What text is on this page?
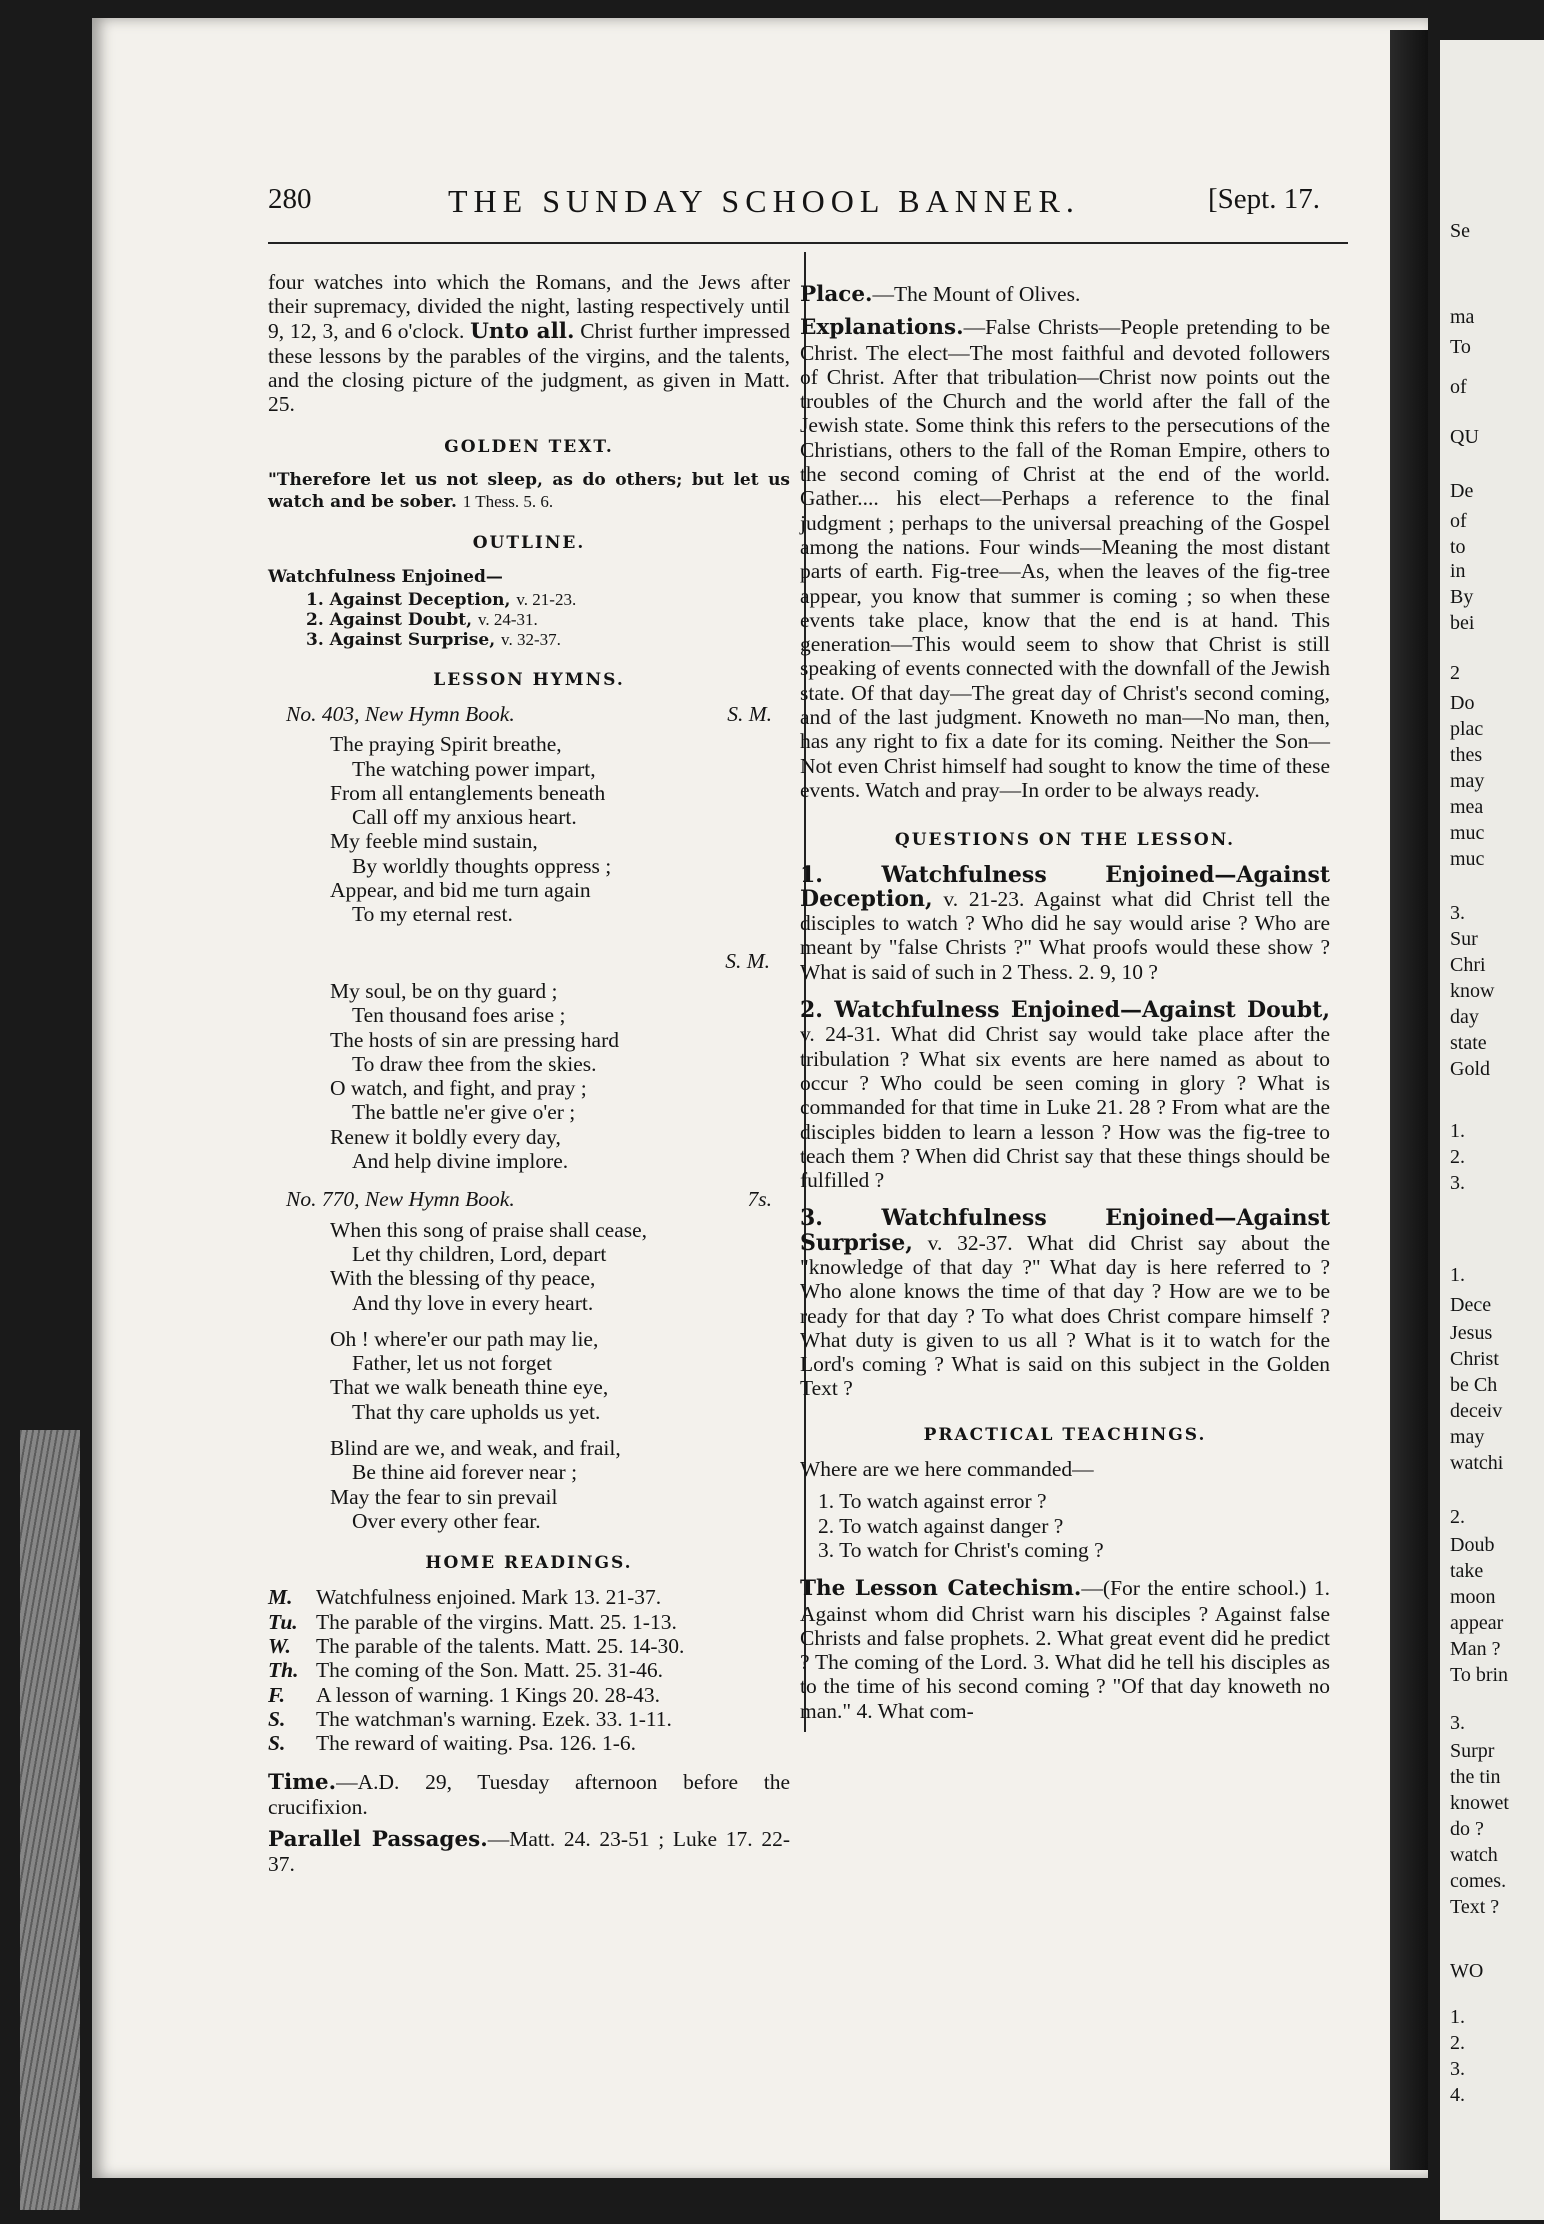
280	THE SUNDAY SCHOOL BANNER.	[Sept. 17.

four watches into which the Romans, and the Jews after their supremacy, divided the night, lasting respectively until 9, 12, 3, and 6 o'clock. Unto all. Christ further impressed these lessons by the parables of the virgins, and the talents, and the closing picture of the judgment, as given in Matt. 25.

GOLDEN TEXT.

"Therefore let us not sleep, as do others; but let us watch and be sober. 1 Thess. 5. 6.

OUTLINE.
Watchfulness Enjoined—
1. Against Deception, v. 21-23.
2. Against Doubt, v. 24-31.
3. Against Surprise, v. 32-37.
LESSON HYMNS.
No. 403, New Hymn Book.	S. M.
The praying Spirit breathe,
The watching power impart,
From all entanglements beneath
Call off my anxious heart.
My feeble mind sustain,
By worldly thoughts oppress ;
Appear, and bid me turn again
To my eternal rest.
S. M.
My soul, be on thy guard ;
Ten thousand foes arise ;
The hosts of sin are pressing hard
To draw thee from the skies.
O watch, and fight, and pray ;
The battle ne'er give o'er ;
Renew it boldly every day,
And help divine implore.
No. 770, New Hymn Book.	7s.
When this song of praise shall cease,
Let thy children, Lord, depart
With the blessing of thy peace,
And thy love in every heart.
Oh ! where'er our path may lie,
Father, let us not forget
That we walk beneath thine eye,
That thy care upholds us yet.
Blind are we, and weak, and frail,
Be thine aid forever near ;
May the fear to sin prevail
Over every other fear.
HOME READINGS.
M.	Watchfulness enjoined. Mark 13. 21-37.
Tu. The parable of the virgins. Matt. 25. 1-13.
W.	The parable of the talents. Matt. 25. 14-30.
Th. The coming of the Son. Matt. 25. 31-46.
F.	A lesson of warning. 1 Kings 20. 28-43.
S.	The watchman's warning. Ezek. 33. 1-11.
S.	The reward of waiting. Psa. 126. 1-6.

Time.—A.D. 29, Tuesday afternoon before the crucifixion.

Parallel Passages.—Matt. 24. 23-51 ; Luke 17. 22-37.

Place.—The Mount of Olives.

Explanations.—False Christs—People pretending to be Christ. The elect—The most faithful and devoted followers of Christ. After that tribulation—Christ now points out the troubles of the Church and the world after the fall of the Jewish state. Some think this refers to the persecutions of the Christians, others to the fall of the Roman Empire, others to the second coming of Christ at the end of the world. Gather.... his elect—Perhaps a reference to the final judgment ; perhaps to the universal preaching of the Gospel among the nations. Four winds—Meaning the most distant parts of earth. Fig-tree—As, when the leaves of the fig-tree appear, you know that summer is coming ; so when these events take place, know that the end is at hand. This generation—This would seem to show that Christ is still speaking of events connected with the downfall of the Jewish state. Of that day—The great day of Christ's second coming, and of the last judgment. Knoweth no man—No man, then, has any right to fix a date for its coming. Neither the Son—Not even Christ himself had sought to know the time of these events. Watch and pray—In order to be always ready.

QUESTIONS ON THE LESSON.

1. Watchfulness Enjoined—Against Deception, v. 21-23. Against what did Christ tell the disciples to watch ? Who did he say would arise ? Who are meant by "false Christs ?" What proofs would these show ? What is said of such in 2 Thess. 2. 9, 10 ?

2. Watchfulness Enjoined—Against Doubt, v. 24-31. What did Christ say would take place after the tribulation ? What six events are here named as about to occur ? Who could be seen coming in glory ? What is commanded for that time in Luke 21. 28 ? From what are the disciples bidden to learn a lesson ? How was the fig-tree to teach them ? When did Christ say that these things should be fulfilled ?

3. Watchfulness Enjoined—Against Surprise, v. 32-37. What did Christ say about the "knowledge of that day ?" What day is here referred to ? Who alone knows the time of that day ? How are we to be ready for that day ? To what does Christ compare himself ? What duty is given to us all ? What is it to watch for the Lord's coming ? What is said on this subject in the Golden Text ?

PRACTICAL TEACHINGS.

Where are we here commanded—

1. To watch against error ?
2. To watch against danger ?
3. To watch for Christ's coming ?

The Lesson Catechism.—(For the entire school.) 1. Against whom did Christ warn his disciples ? Against false Christs and false prophets. 2. What great event did he predict ? The coming of the Lord. 3. What did he tell his disciples as to the time of his second coming ? "Of that day knoweth no man." 4. What com-

Se
ma
To
of
QU
De
of
to
in
By
bei
2
Do
plac
thes
may
mea
muc
muc
3.
Sur
Chri
know
day
state
Gold
1.
2.
3.
1.
Dece
Jesus
Christ
be Ch
deceiv
may
watchi
2.
Doub
take
moon
appear
Man ?
To brin
3.
Surpr
the tin
knowet
do ?
watch
comes.
Text ?
WO
1.
2.
3.
4.
